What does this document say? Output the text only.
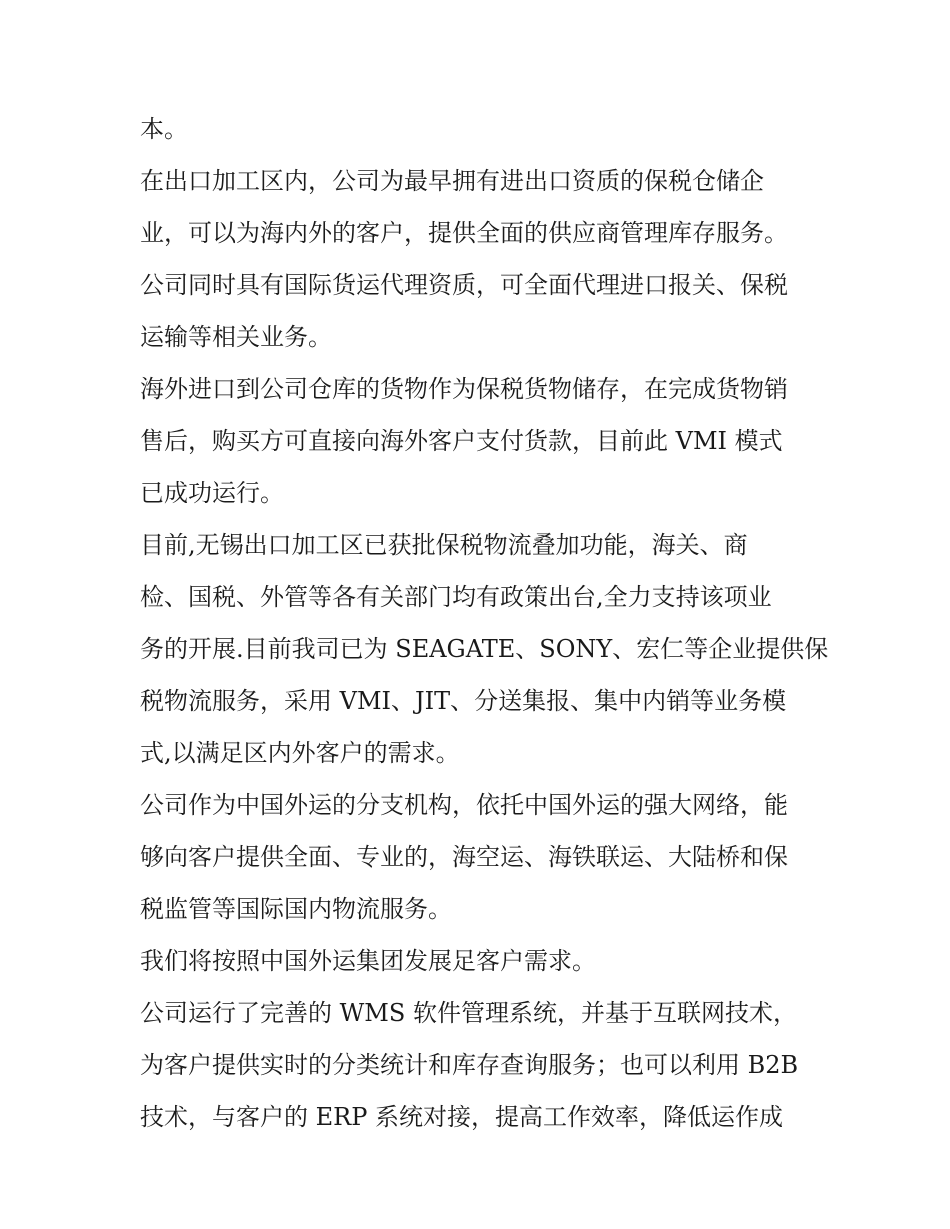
本。
在出口加工区内，公司为最早拥有进出口资质的保税仓储企
业，可以为海内外的客户，提供全面的供应商管理库存服务。
公司同时具有国际货运代理资质，可全面代理进口报关、保税
运输等相关业务。
海外进口到公司仓库的货物作为保税货物储存，在完成货物销
售后，购买方可直接向海外客户支付货款，目前此 VMI 模式
已成功运行。
目前,无锡出口加工区已获批保税物流叠加功能，海关、商
检、国税、外管等各有关部门均有政策出台,全力支持该项业
务的开展.目前我司已为 SEAGATE、SONY、宏仁等企业提供保
税物流服务，采用 VMI、JIT、分送集报、集中内销等业务模
式,以满足区内外客户的需求。
公司作为中国外运的分支机构，依托中国外运的强大网络，能
够向客户提供全面、专业的，海空运、海铁联运、大陆桥和保
税监管等国际国内物流服务。
我们将按照中国外运集团发展足客户需求。
公司运行了完善的 WMS 软件管理系统，并基于互联网技术，
为客户提供实时的分类统计和库存查询服务；也可以利用 B2B
技术，与客户的 ERP 系统对接，提高工作效率，降低运作成
